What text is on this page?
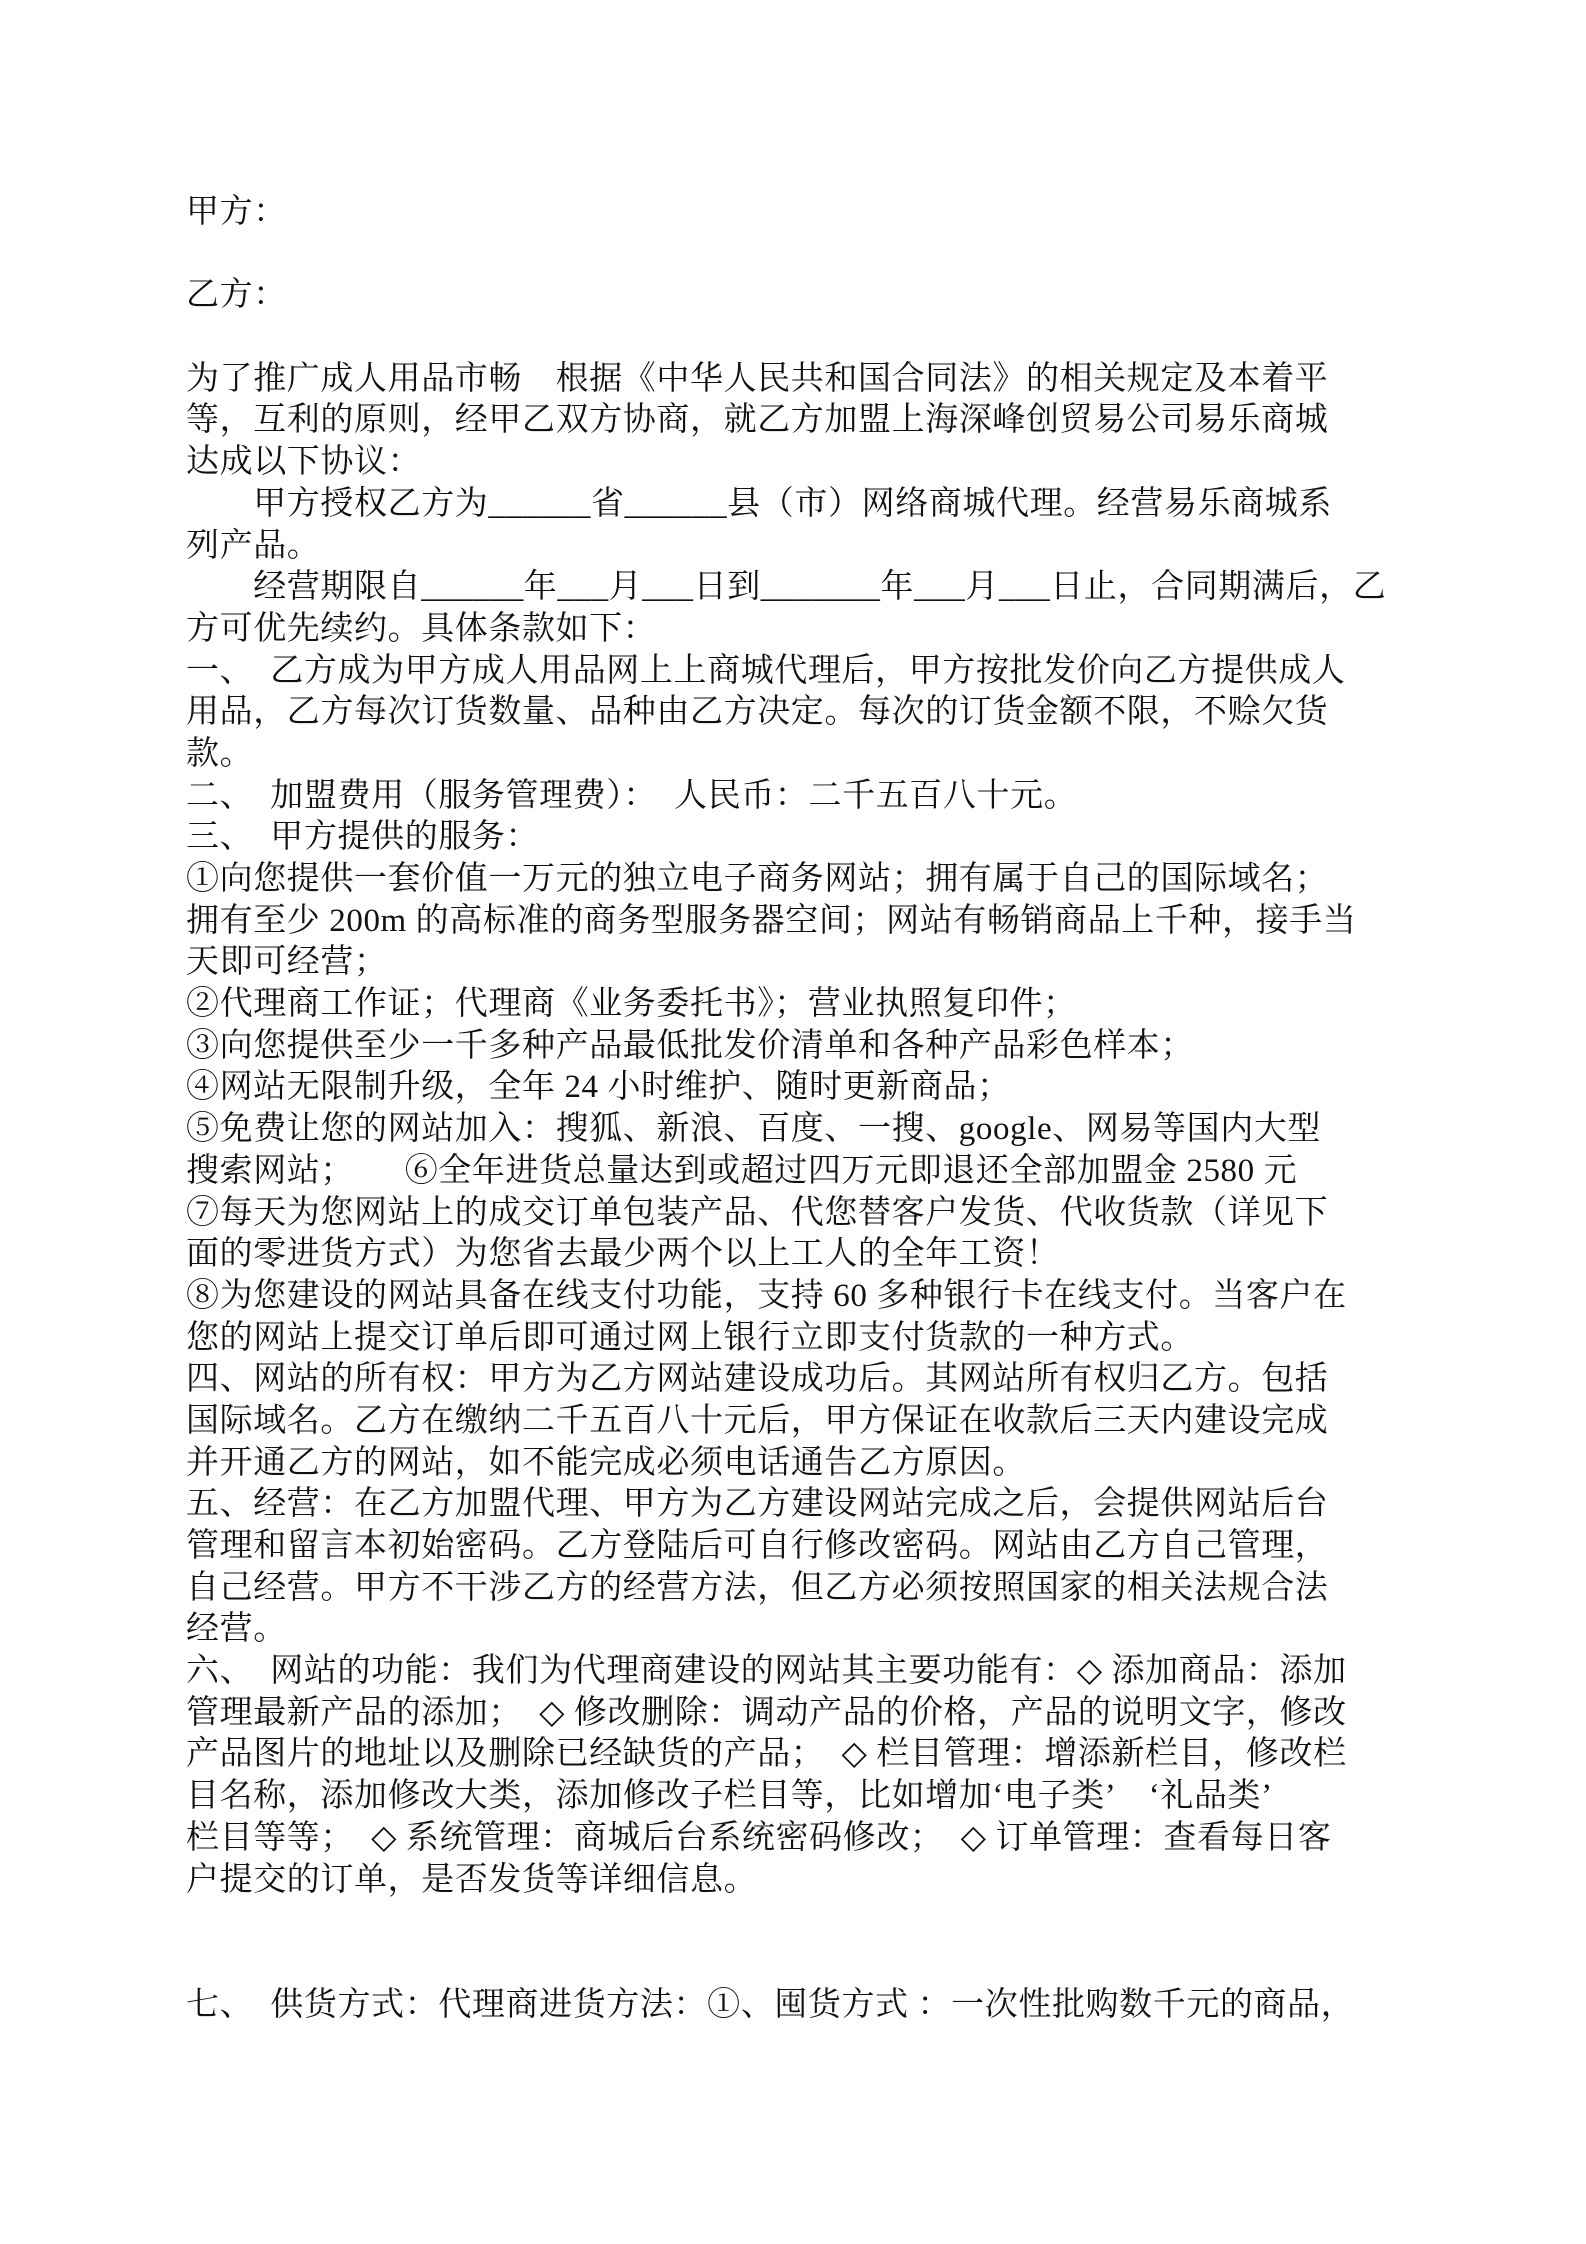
甲方：
乙方：
为了推广成人用品市畅　根据《中华人民共和国合同法》的相关规定及本着平
等，互利的原则，经甲乙双方协商，就乙方加盟上海深峰创贸易公司易乐商城
达成以下协议：
　　甲方授权乙方为______省______县（市）网络商城代理。经营易乐商城系
列产品。
　　经营期限自______年___月___日到_______年___月___日止，合同期满后，乙
方可优先续约。具体条款如下：
一、　乙方成为甲方成人用品网上上商城代理后，甲方按批发价向乙方提供成人
用品，乙方每次订货数量、品种由乙方决定。每次的订货金额不限，不赊欠货
款。
二、　加盟费用（服务管理费）：　人民币：二千五百八十元。
三、　甲方提供的服务：
①向您提供一套价值一万元的独立电子商务网站；拥有属于自己的国际域名；
拥有至少 200m 的高标准的商务型服务器空间；网站有畅销商品上千种，接手当
天即可经营；
②代理商工作证；代理商《业务委托书》；营业执照复印件；
③向您提供至少一千多种产品最低批发价清单和各种产品彩色样本；
④网站无限制升级，全年 24 小时维护、随时更新商品；
⑤免费让您的网站加入：搜狐、新浪、百度、一搜、google、网易等国内大型
搜索网站；　　⑥全年进货总量达到或超过四万元即退还全部加盟金 2580 元
⑦每天为您网站上的成交订单包装产品、代您替客户发货、代收货款（详见下
面的零进货方式）为您省去最少两个以上工人的全年工资！
⑧为您建设的网站具备在线支付功能，支持 60 多种银行卡在线支付。当客户在
您的网站上提交订单后即可通过网上银行立即支付货款的一种方式。
四、网站的所有权：甲方为乙方网站建设成功后。其网站所有权归乙方。包括
国际域名。乙方在缴纳二千五百八十元后，甲方保证在收款后三天内建设完成
并开通乙方的网站，如不能完成必须电话通告乙方原因。
五、经营：在乙方加盟代理、甲方为乙方建设网站完成之后，会提供网站后台
管理和留言本初始密码。乙方登陆后可自行修改密码。网站由乙方自己管理，
自己经营。甲方不干涉乙方的经营方法，但乙方必须按照国家的相关法规合法
经营。
六、　网站的功能：我们为代理商建设的网站其主要功能有：◇ 添加商品：添加
管理最新产品的添加；　◇ 修改删除：调动产品的价格，产品的说明文字，修改
产品图片的地址以及删除已经缺货的产品；　◇ 栏目管理：增添新栏目，修改栏
目名称，添加修改大类，添加修改子栏目等，比如增加‘电子类’　‘礼品类’
栏目等等；　◇ 系统管理：商城后台系统密码修改；　◇ 订单管理：查看每日客
户提交的订单，是否发货等详细信息。
七、　供货方式：代理商进货方法：①、囤货方式 ：一次性批购数千元的商品，
